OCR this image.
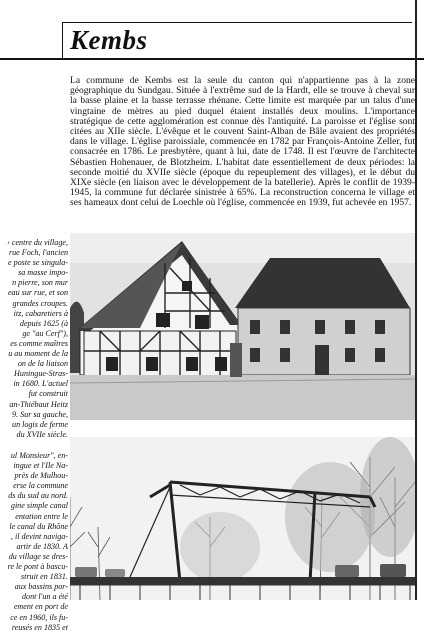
Kembs
La commune de Kembs est la seule du canton qui n'appartienne pas à la zone géographique du Sundgau. Située à l'extrême sud de la Hardt, elle se trouve à cheval sur la basse plaine et la basse terrasse rhénane. Cette limite est marquée par un talus d'une vingtaine de mètres au pied duquel étaient installés deux moulins. L'importance stratégique de cette agglomération est connue dès l'antiquité. La paroisse et l'église sont citées au XIIe siècle. L'évêque et le couvent Saint-Alban de Bâle avaient des propriétés dans le village. L'église paroissiale, commencée en 1782 par François-Antoine Zeller, fut consacrée en 1786. Le presbytère, quant à lui, date de 1748. Il est l'œuvre de l'architecte Sébastien Hohenauer, de Blotzheim. L'habitat date essentiellement de deux périodes: la seconde moitié du XVIIe siècle (époque du repeuplement des villages), et le début du XIXe siècle (en liaison avec le développement de la batellerie). Après le conflit de 1939-1945, la commune fut déclarée sinistrée à 65%. La reconstruction concerna le village et ses hameaux dont celui de Loechle où l'église, commencée en 1939, fut achevée en 1957.
› centre du village,
rue Foch, l'ancien
e poste se singula-
sa masse impo-
n pierre, son mur
eau sur rue, et son
grandes croupes.
itz, cabaretiers à
depuis 1625 (à
ge "au Cerf"),
es comme maîtres
u au moment de la
on de la liaison
Huningue-Stras-
in 1680. L'actuel
fut construit
an-Thiébaut Heitz
9. Sur sa gauche,
un logis de ferme
du XVIIe siècle.
ul Monsieur", en-
ingue et l'Ile Na-
près de Mulhou-
erse la commune
ds du sud au nord.
gine simple canal
entation entre le
le canal du Rhône
, il devint naviga-
artir de 1830. A
du village se dres-
re le pont à bascu-
struit en 1831.
aux bassins por-
dont l'un a été
ement en port de
ce en 1960, ils fu-
reusés en 1835 et
